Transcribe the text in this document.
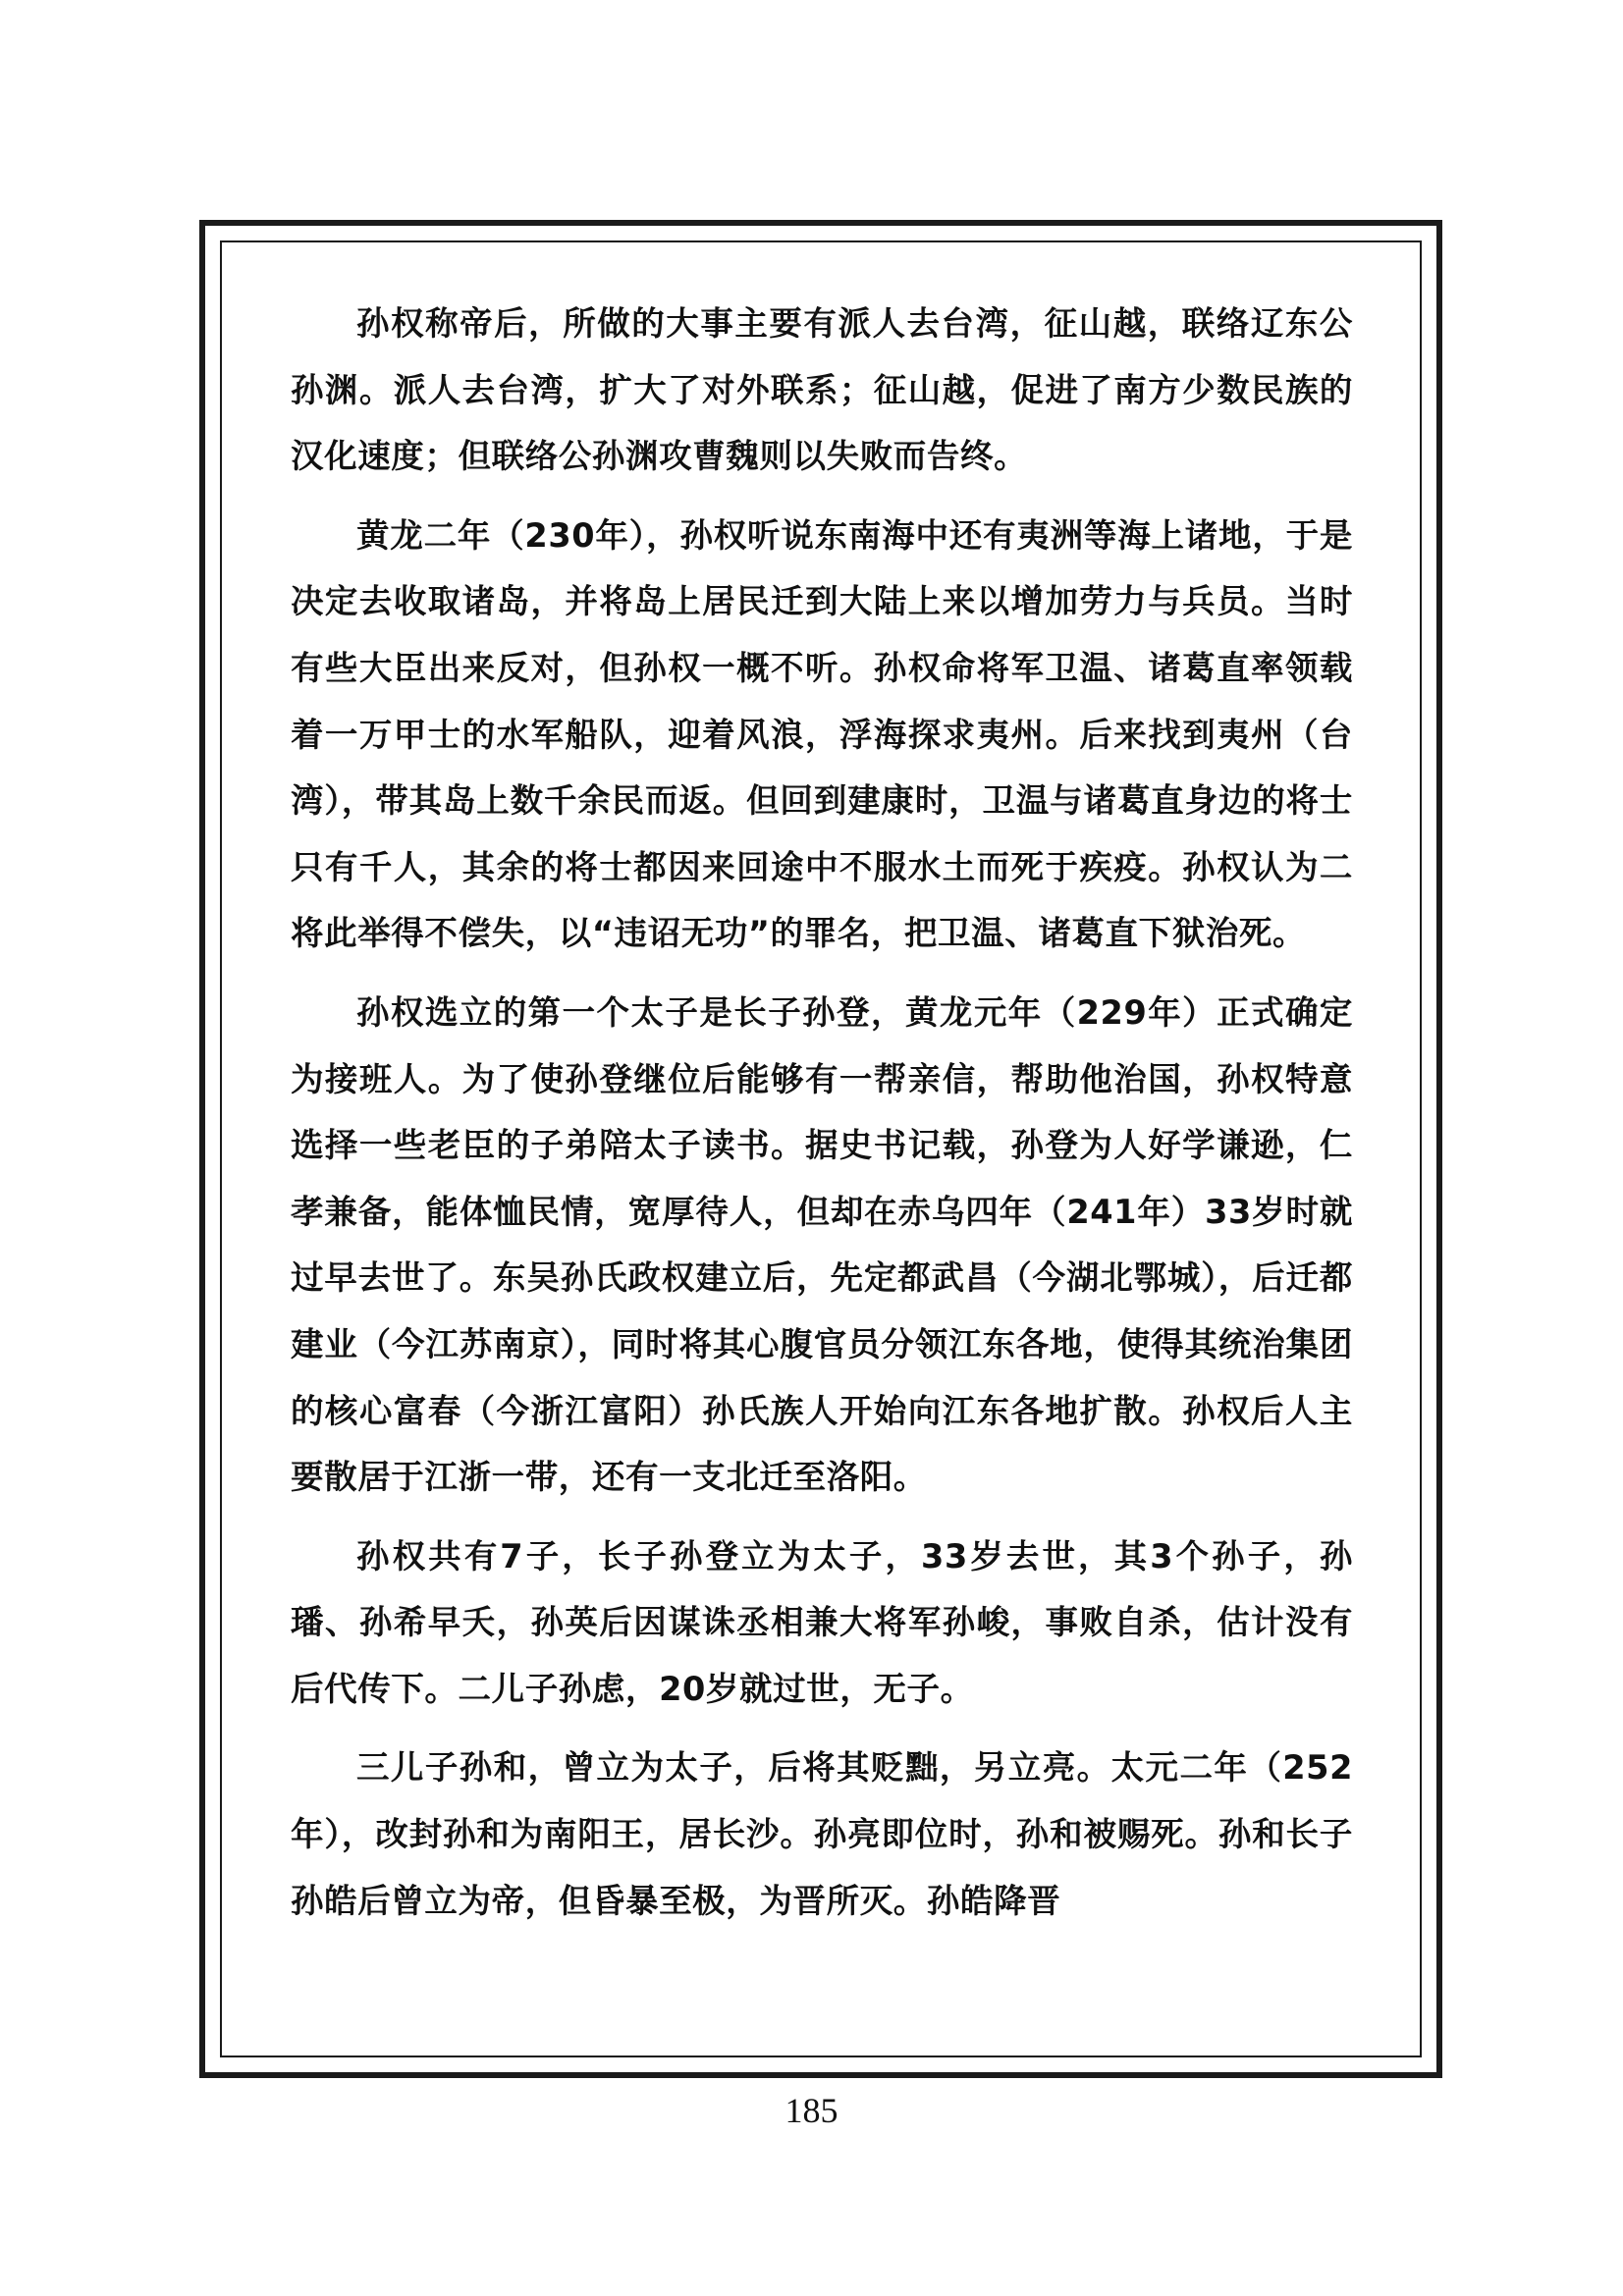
孙权称帝后，所做的大事主要有派人去台湾，征山越，联络辽东公孙渊。派人去台湾，扩大了对外联系；征山越，促进了南方少数民族的汉化速度；但联络公孙渊攻曹魏则以失败而告终。

黄龙二年（230年），孙权听说东南海中还有夷洲等海上诸地，于是决定去收取诸岛，并将岛上居民迁到大陆上来以增加劳力与兵员。当时有些大臣出来反对，但孙权一概不听。孙权命将军卫温、诸葛直率领载着一万甲士的水军船队，迎着风浪，浮海探求夷州。后来找到夷州（台湾），带其岛上数千余民而返。但回到建康时，卫温与诸葛直身边的将士只有千人，其余的将士都因来回途中不服水土而死于疾疫。孙权认为二将此举得不偿失，以“违诏无功”的罪名，把卫温、诸葛直下狱治死。

孙权选立的第一个太子是长子孙登，黄龙元年（229年）正式确定为接班人。为了使孙登继位后能够有一帮亲信，帮助他治国，孙权特意选择一些老臣的子弟陪太子读书。据史书记载，孙登为人好学谦逊，仁孝兼备，能体恤民情，宽厚待人，但却在赤乌四年（241年）33岁时就过早去世了。东吴孙氏政权建立后，先定都武昌（今湖北鄂城），后迁都建业（今江苏南京），同时将其心腹官员分领江东各地，使得其统治集团的核心富春（今浙江富阳）孙氏族人开始向江东各地扩散。孙权后人主要散居于江浙一带，还有一支北迁至洛阳。

孙权共有7子，长子孙登立为太子，33岁去世，其3个孙子，孙璠、孙希早夭，孙英后因谋诛丞相兼大将军孙峻，事败自杀，估计没有后代传下。二儿子孙虑，20岁就过世，无子。

三儿子孙和，曾立为太子，后将其贬黜，另立亮。太元二年（252年），改封孙和为南阳王，居长沙。孙亮即位时，孙和被赐死。孙和长子孙皓后曾立为帝，但昏暴至极，为晋所灭。孙皓降晋

185
